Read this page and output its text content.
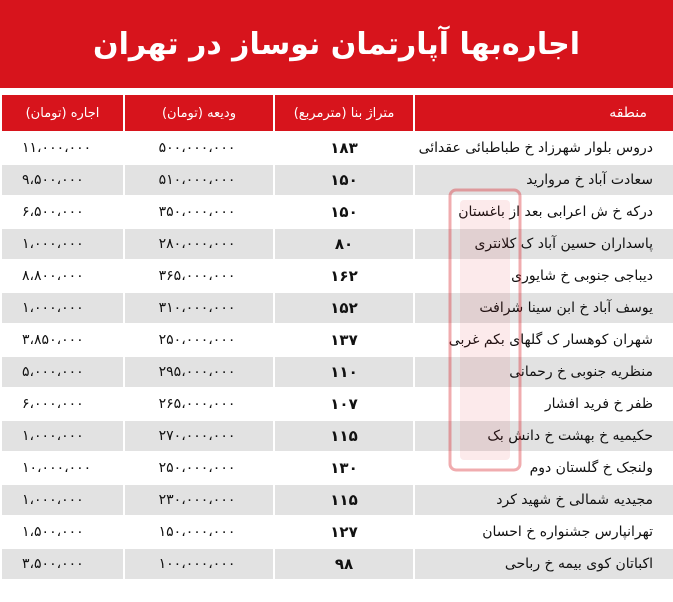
اجاره‌بها آپارتمان نوساز در تهران
منطقه	متراژ بنا (مترمربع)	ودیعه (تومان)	اجاره (تومان)
دروس بلوار شهرزاد خ طباطبائی عقدائی	۱۸۳	۵۰۰،۰۰۰،۰۰۰	۱۱،۰۰۰،۰۰۰
سعادت آباد خ مرواريد	۱۵۰	۵۱۰،۰۰۰،۰۰۰	۹،۵۰۰،۰۰۰
درکه خ ش اعرابی بعد از باغستان	۱۵۰	۳۵۰،۰۰۰،۰۰۰	۶،۵۰۰،۰۰۰
پاسداران حسین آباد ک کلانتری	۸۰	۲۸۰،۰۰۰،۰۰۰	۱،۰۰۰،۰۰۰
دیباجی جنوبی خ شایوری	۱۶۲	۳۶۵،۰۰۰،۰۰۰	۸،۸۰۰،۰۰۰
یوسف آباد خ ابن سینا شرافت	۱۵۲	۳۱۰،۰۰۰،۰۰۰	۱،۰۰۰،۰۰۰
شهران کوهسار ک گلهای بکم غربی	۱۳۷	۲۵۰،۰۰۰،۰۰۰	۳،۸۵۰،۰۰۰
منظریه جنوبی خ رحمانی	۱۱۰	۲۹۵،۰۰۰،۰۰۰	۵،۰۰۰،۰۰۰
ظفر خ فرید افشار	۱۰۷	۲۶۵،۰۰۰،۰۰۰	۶،۰۰۰،۰۰۰
حکیمیه خ بهشت خ دانش بک	۱۱۵	۲۷۰،۰۰۰،۰۰۰	۱،۰۰۰،۰۰۰
ولنجک خ گلستان دوم	۱۳۰	۲۵۰،۰۰۰،۰۰۰	۱۰،۰۰۰،۰۰۰
مجیدیه شمالی خ شهید کرد	۱۱۵	۲۳۰،۰۰۰،۰۰۰	۱،۰۰۰،۰۰۰
تهرانپارس جشنواره خ احسان	۱۲۷	۱۵۰،۰۰۰،۰۰۰	۱،۵۰۰،۰۰۰
اکباتان کوی بیمه خ رباحی	۹۸	۱۰۰،۰۰۰،۰۰۰	۳،۵۰۰،۰۰۰
